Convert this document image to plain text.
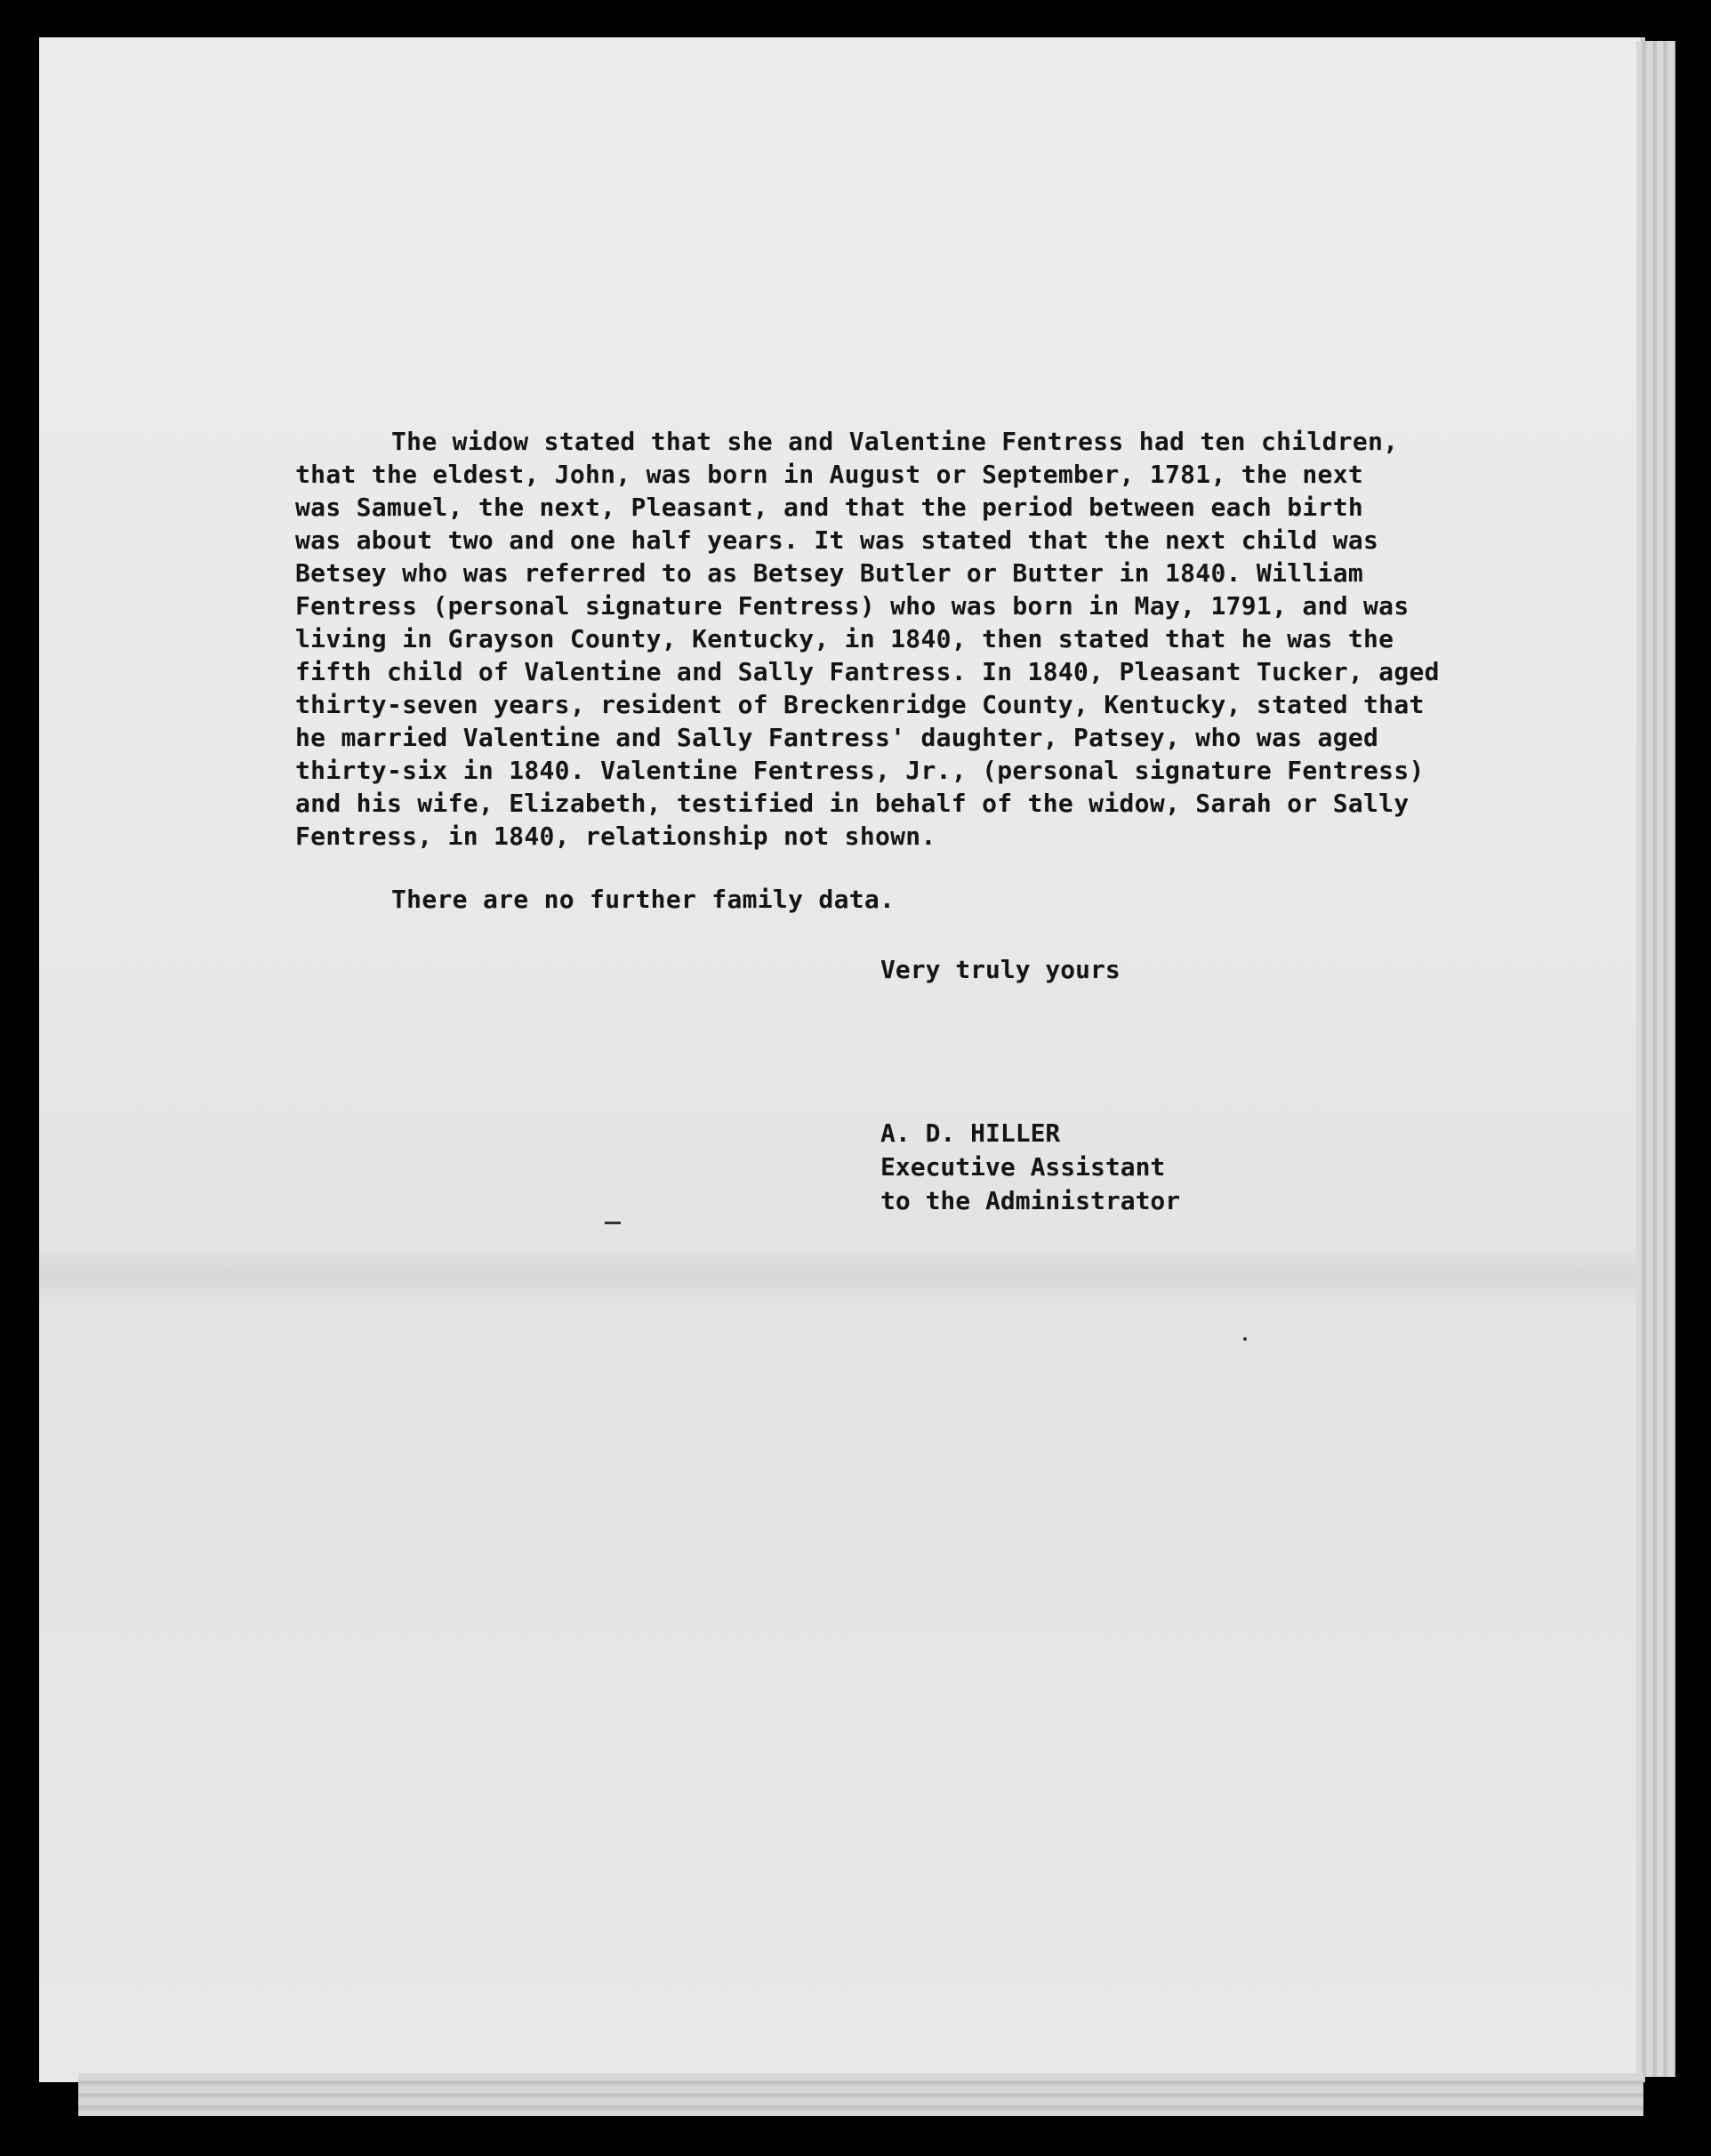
The widow stated that she and Valentine Fentress had ten children,
that the eldest, John, was born in August or September, 1781, the next
was Samuel, the next, Pleasant, and that the period between each birth
was about two and one half years. It was stated that the next child was
Betsey who was referred to as Betsey Butler or Butter in 1840. William
Fentress (personal signature Fentress) who was born in May, 1791, and was
living in Grayson County, Kentucky, in 1840, then stated that he was the
fifth child of Valentine and Sally Fantress. In 1840, Pleasant Tucker, aged
thirty-seven years, resident of Breckenridge County, Kentucky, stated that
he married Valentine and Sally Fantress' daughter, Patsey, who was aged
thirty-six in 1840. Valentine Fentress, Jr., (personal signature Fentress)
and his wife, Elizabeth, testified in behalf of the widow, Sarah or Sally
Fentress, in 1840, relationship not shown.

There are no further family data.

Very truly yours
A. D. HILLER
Executive Assistant
to the Administrator
